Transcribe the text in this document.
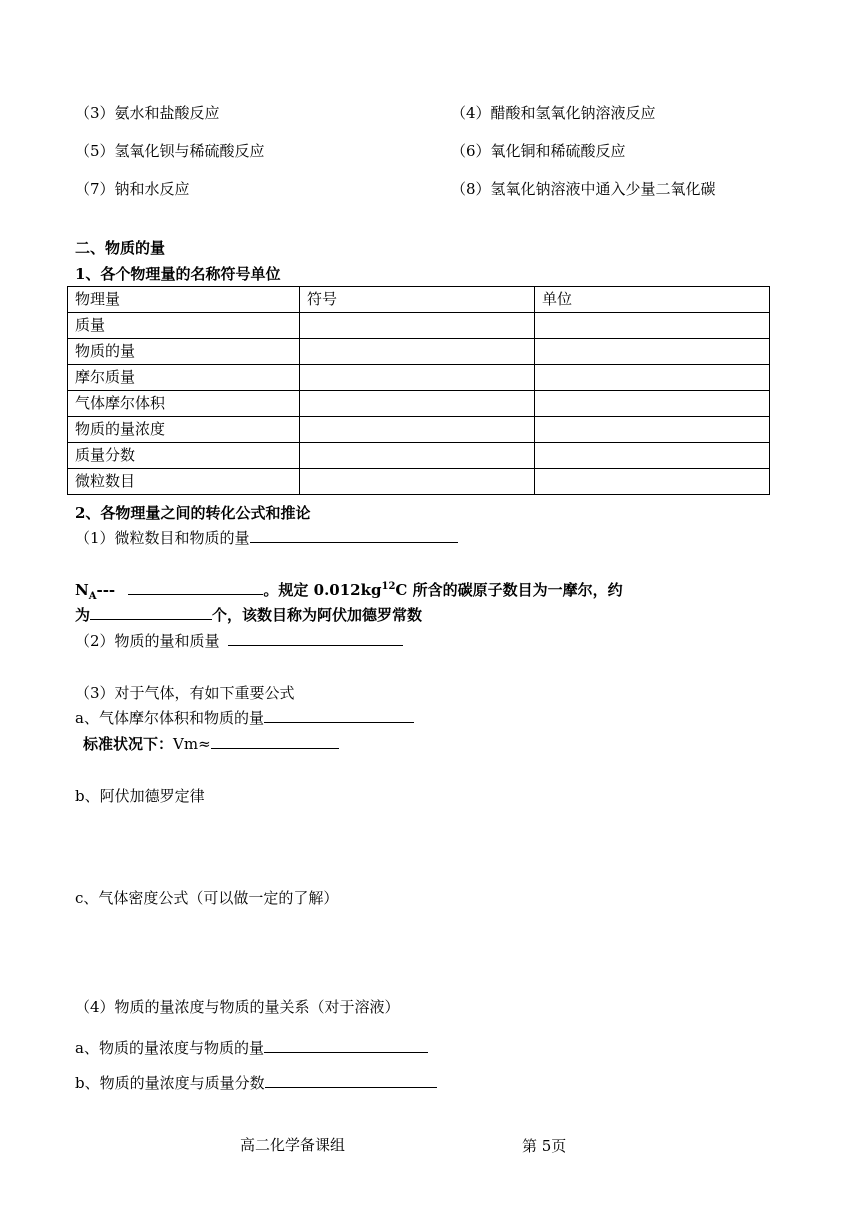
（3）氨水和盐酸反应	（4）醋酸和氢氧化钠溶液反应
（5）氢氧化钡与稀硫酸反应	（6）氧化铜和稀硫酸反应
（7）钠和水反应	（8）氢氧化钠溶液中通入少量二氧化碳
二、物质的量
1、各个物理量的名称符号单位
物理量	符号	单位
质量		
物质的量		
摩尔质量		
气体摩尔体积		
物质的量浓度		
质量分数		
微粒数目		
2、各物理量之间的转化公式和推论
（1）微粒数目和物质的量
$N_A---$	。规定 $0.012kg^{12}C$ 所含的碳原子数目为一摩尔，约
为	个，该数目称为阿伏加德罗常数
（2）物质的量和质量
（3）对于气体，有如下重要公式
a、气体摩尔体积和物质的量
标准状况下：Vm≈
b、阿伏加德罗定律
c、气体密度公式（可以做一定的了解）
（4）物质的量浓度与物质的量关系（对于溶液）
a、物质的量浓度与物质的量
b、物质的量浓度与质量分数
高二化学备课组	第 5页
